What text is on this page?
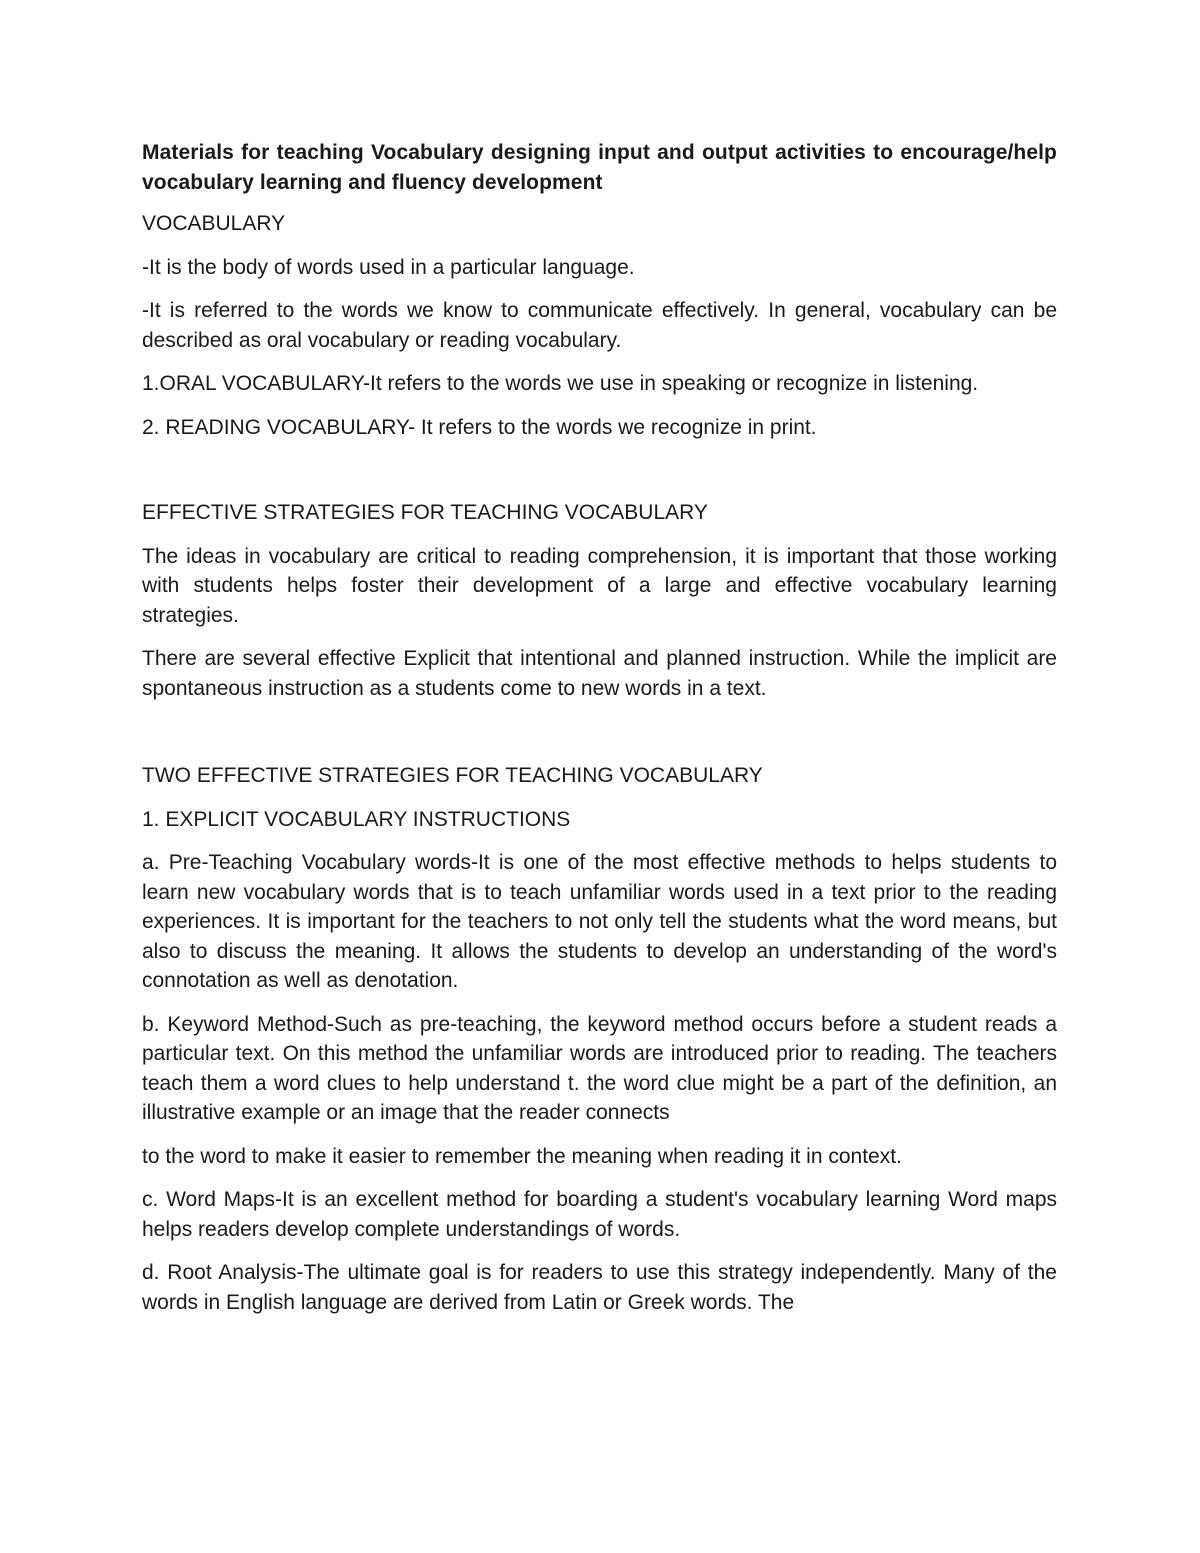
Materials for teaching Vocabulary designing input and output activities to encourage/help vocabulary learning and fluency development

VOCABULARY

-It is the body of words used in a particular language.

-It is referred to the words we know to communicate effectively. In general, vocabulary can be described as oral vocabulary or reading vocabulary.

1.ORAL VOCABULARY-It refers to the words we use in speaking or recognize in listening.

2. READING VOCABULARY- It refers to the words we recognize in print.

EFFECTIVE STRATEGIES FOR TEACHING VOCABULARY

The ideas in vocabulary are critical to reading comprehension, it is important that those working with students helps foster their development of a large and effective vocabulary learning strategies.

There are several effective Explicit that intentional and planned instruction. While the implicit are spontaneous instruction as a students come to new words in a text.

TWO EFFECTIVE STRATEGIES FOR TEACHING VOCABULARY

1. EXPLICIT VOCABULARY INSTRUCTIONS

a. Pre-Teaching Vocabulary words-It is one of the most effective methods to helps students to learn new vocabulary words that is to teach unfamiliar words used in a text prior to the reading experiences. It is important for the teachers to not only tell the students what the word means, but also to discuss the meaning. It allows the students to develop an understanding of the word's connotation as well as denotation.

b. Keyword Method-Such as pre-teaching, the keyword method occurs before a student reads a particular text. On this method the unfamiliar words are introduced prior to reading. The teachers teach them a word clues to help understand t. the word clue might be a part of the definition, an illustrative example or an image that the reader connects

to the word to make it easier to remember the meaning when reading it in context.

c. Word Maps-It is an excellent method for boarding a student's vocabulary learning Word maps helps readers develop complete understandings of words.

d. Root Analysis-The ultimate goal is for readers to use this strategy independently. Many of the words in English language are derived from Latin or Greek words. The
